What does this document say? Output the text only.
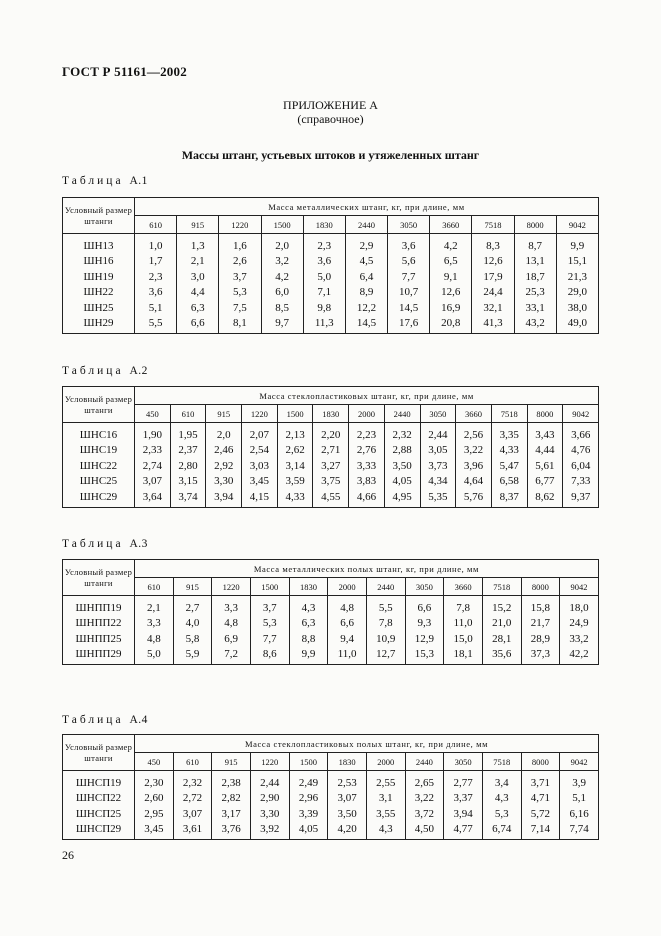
ГОСТ Р 51161—2002
ПРИЛОЖЕНИЕ А
(справочное)
Массы штанг, устьевых штоков и утяжеленных штанг
Таблица А.1
Условный размер штанги	Масса металлических штанг, кг, при длине, мм										
	610	915	1220	1500	1830	2440	3050	3660	7518	8000	9042
ШН13	1,0	1,3	1,6	2,0	2,3	2,9	3,6	4,2	8,3	8,7	9,9
ШН16	1,7	2,1	2,6	3,2	3,6	4,5	5,6	6,5	12,6	13,1	15,1
ШН19	2,3	3,0	3,7	4,2	5,0	6,4	7,7	9,1	17,9	18,7	21,3
ШН22	3,6	4,4	5,3	6,0	7,1	8,9	10,7	12,6	24,4	25,3	29,0
ШН25	5,1	6,3	7,5	8,5	9,8	12,2	14,5	16,9	32,1	33,1	38,0
ШН29	5,5	6,6	8,1	9,7	11,3	14,5	17,6	20,8	41,3	43,2	49,0
Таблица А.2
Условный размер штанги	Масса стеклопластиковых штанг, кг, при длине, мм												
	450	610	915	1220	1500	1830	2000	2440	3050	3660	7518	8000	9042
ШНС16	1,90	1,95	2,0	2,07	2,13	2,20	2,23	2,32	2,44	2,56	3,35	3,43	3,66
ШНС19	2,33	2,37	2,46	2,54	2,62	2,71	2,76	2,88	3,05	3,22	4,33	4,44	4,76
ШНС22	2,74	2,80	2,92	3,03	3,14	3,27	3,33	3,50	3,73	3,96	5,47	5,61	6,04
ШНС25	3,07	3,15	3,30	3,45	3,59	3,75	3,83	4,05	4,34	4,64	6,58	6,77	7,33
ШНС29	3,64	3,74	3,94	4,15	4,33	4,55	4,66	4,95	5,35	5,76	8,37	8,62	9,37
Таблица А.3
Условный размер штанги	Масса металлических полых штанг, кг, при длине, мм											
	610	915	1220	1500	1830	2000	2440	3050	3660	7518	8000	9042
ШНПП19	2,1	2,7	3,3	3,7	4,3	4,8	5,5	6,6	7,8	15,2	15,8	18,0
ШНПП22	3,3	4,0	4,8	5,3	6,3	6,6	7,8	9,3	11,0	21,0	21,7	24,9
ШНПП25	4,8	5,8	6,9	7,7	8,8	9,4	10,9	12,9	15,0	28,1	28,9	33,2
ШНПП29	5,0	5,9	7,2	8,6	9,9	11,0	12,7	15,3	18,1	35,6	37,3	42,2
Таблица А.4
Условный размер штанги	Масса стеклопластиковых полых штанг, кг, при длине, мм											
	450	610	915	1220	1500	1830	2000	2440	3050	7518	8000	9042
ШНСП19	2,30	2,32	2,38	2,44	2,49	2,53	2,55	2,65	2,77	3,4	3,71	3,9
ШНСП22	2,60	2,72	2,82	2,90	2,96	3,07	3,1	3,22	3,37	4,3	4,71	5,1
ШНСП25	2,95	3,07	3,17	3,30	3,39	3,50	3,55	3,72	3,94	5,3	5,72	6,16
ШНСП29	3,45	3,61	3,76	3,92	4,05	4,20	4,3	4,50	4,77	6,74	7,14	7,74
26
